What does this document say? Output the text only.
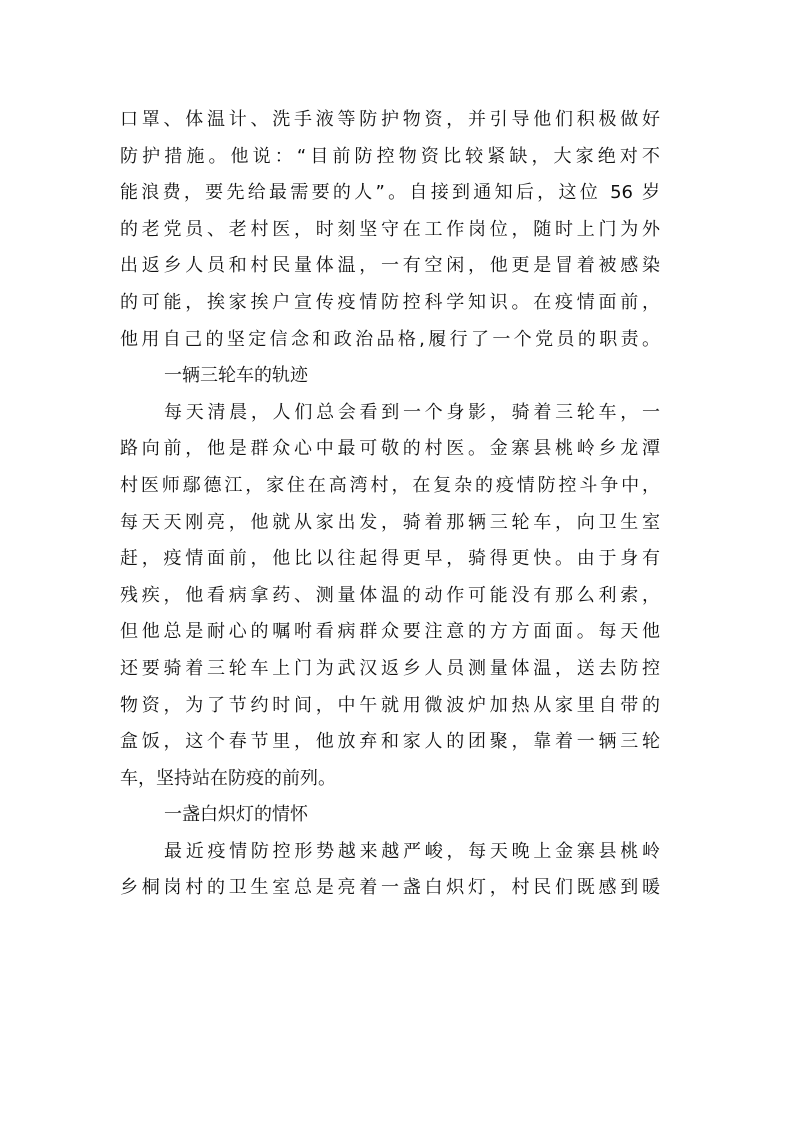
口罩、体温计、洗手液等防护物资，并引导他们积极做好
防护措施。他说：“目前防控物资比较紧缺，大家绝对不
能浪费，要先给最需要的人”。自接到通知后，这位 56 岁
的老党员、老村医，时刻坚守在工作岗位，随时上门为外
出返乡人员和村民量体温，一有空闲，他更是冒着被感染
的可能，挨家挨户宣传疫情防控科学知识。在疫情面前，
他用自己的坚定信念和政治品格,履行了一个党员的职责。
一辆三轮车的轨迹
每天清晨，人们总会看到一个身影，骑着三轮车，一
路向前，他是群众心中最可敬的村医。金寨县桃岭乡龙潭
村医师鄢德江，家住在高湾村，在复杂的疫情防控斗争中，
每天天刚亮，他就从家出发，骑着那辆三轮车，向卫生室
赶，疫情面前，他比以往起得更早，骑得更快。由于身有
残疾，他看病拿药、测量体温的动作可能没有那么利索，
但他总是耐心的嘱咐看病群众要注意的方方面面。每天他
还要骑着三轮车上门为武汉返乡人员测量体温，送去防控
物资，为了节约时间，中午就用微波炉加热从家里自带的
盒饭，这个春节里，他放弃和家人的团聚，靠着一辆三轮
车，坚持站在防疫的前列。
一盏白炽灯的情怀
最近疫情防控形势越来越严峻，每天晚上金寨县桃岭
乡桐岗村的卫生室总是亮着一盏白炽灯，村民们既感到暖
